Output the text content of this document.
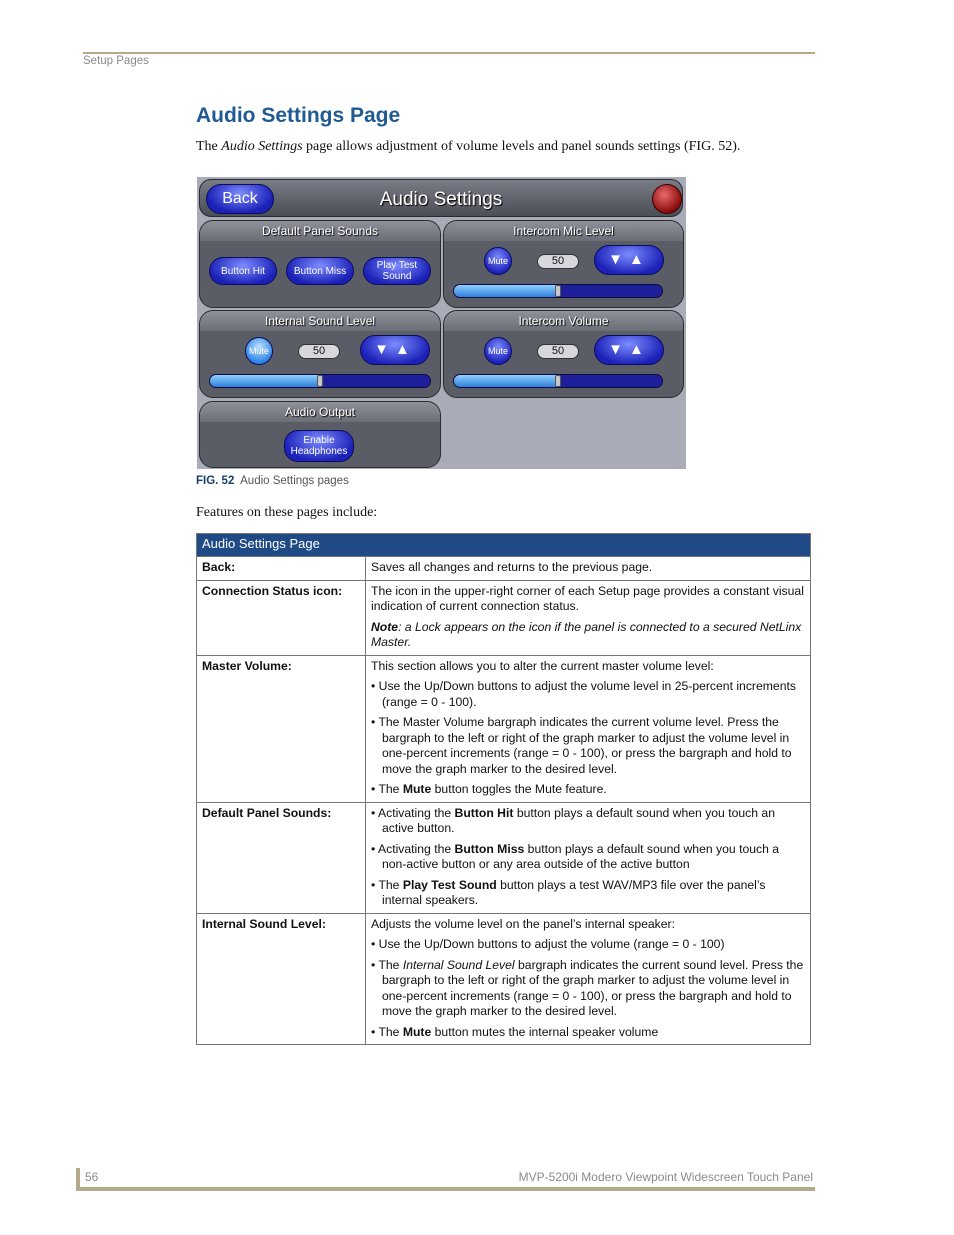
Setup Pages
Audio Settings Page
The Audio Settings page allows adjustment of volume levels and panel sounds settings (FIG. 52).
Back	Audio Settings
Default Panel Sounds
Button Hit	Button Miss	Play Test Sound
Intercom Mic Level
Mute	50	▼▲
Internal Sound Level
Mute	50	▼▲
Intercom Volume
Mute	50	▼▲
Audio Output
Enable Headphones
FIG. 52 Audio Settings pages
Features on these pages include:
Audio Settings Page	
Back:	Saves all changes and returns to the previous page.
Connection Status icon:	The icon in the upper-right corner of each Setup page provides a constant visual indication of current connection status.

Note: a Lock appears on the icon if the panel is connected to a secured NetLinx Master.

Master Volume:	This section allows you to alter the current master volume level:

• Use the Up/Down buttons to adjust the volume level in 25-percent increments (range = 0 - 100).

• The Master Volume bargraph indicates the current volume level. Press the bargraph to the left or right of the graph marker to adjust the volume level in one-percent increments (range = 0 - 100), or press the bargraph and hold to move the graph marker to the desired level.

• The Mute button toggles the Mute feature.

Default Panel Sounds:	• Activating the Button Hit button plays a default sound when you touch an active button.

• Activating the Button Miss button plays a default sound when you touch a non-active button or any area outside of the active button

• The Play Test Sound button plays a test WAV/MP3 file over the panel’s internal speakers.

Internal Sound Level:	Adjusts the volume level on the panel’s internal speaker:

• Use the Up/Down buttons to adjust the volume (range = 0 - 100)

• The Internal Sound Level bargraph indicates the current sound level. Press the bargraph to the left or right of the graph marker to adjust the volume level in one-percent increments (range = 0 - 100), or press the bargraph and hold to move the graph marker to the desired level.

• The Mute button mutes the internal speaker volume

56	MVP-5200i Modero Viewpoint Widescreen Touch Panel
